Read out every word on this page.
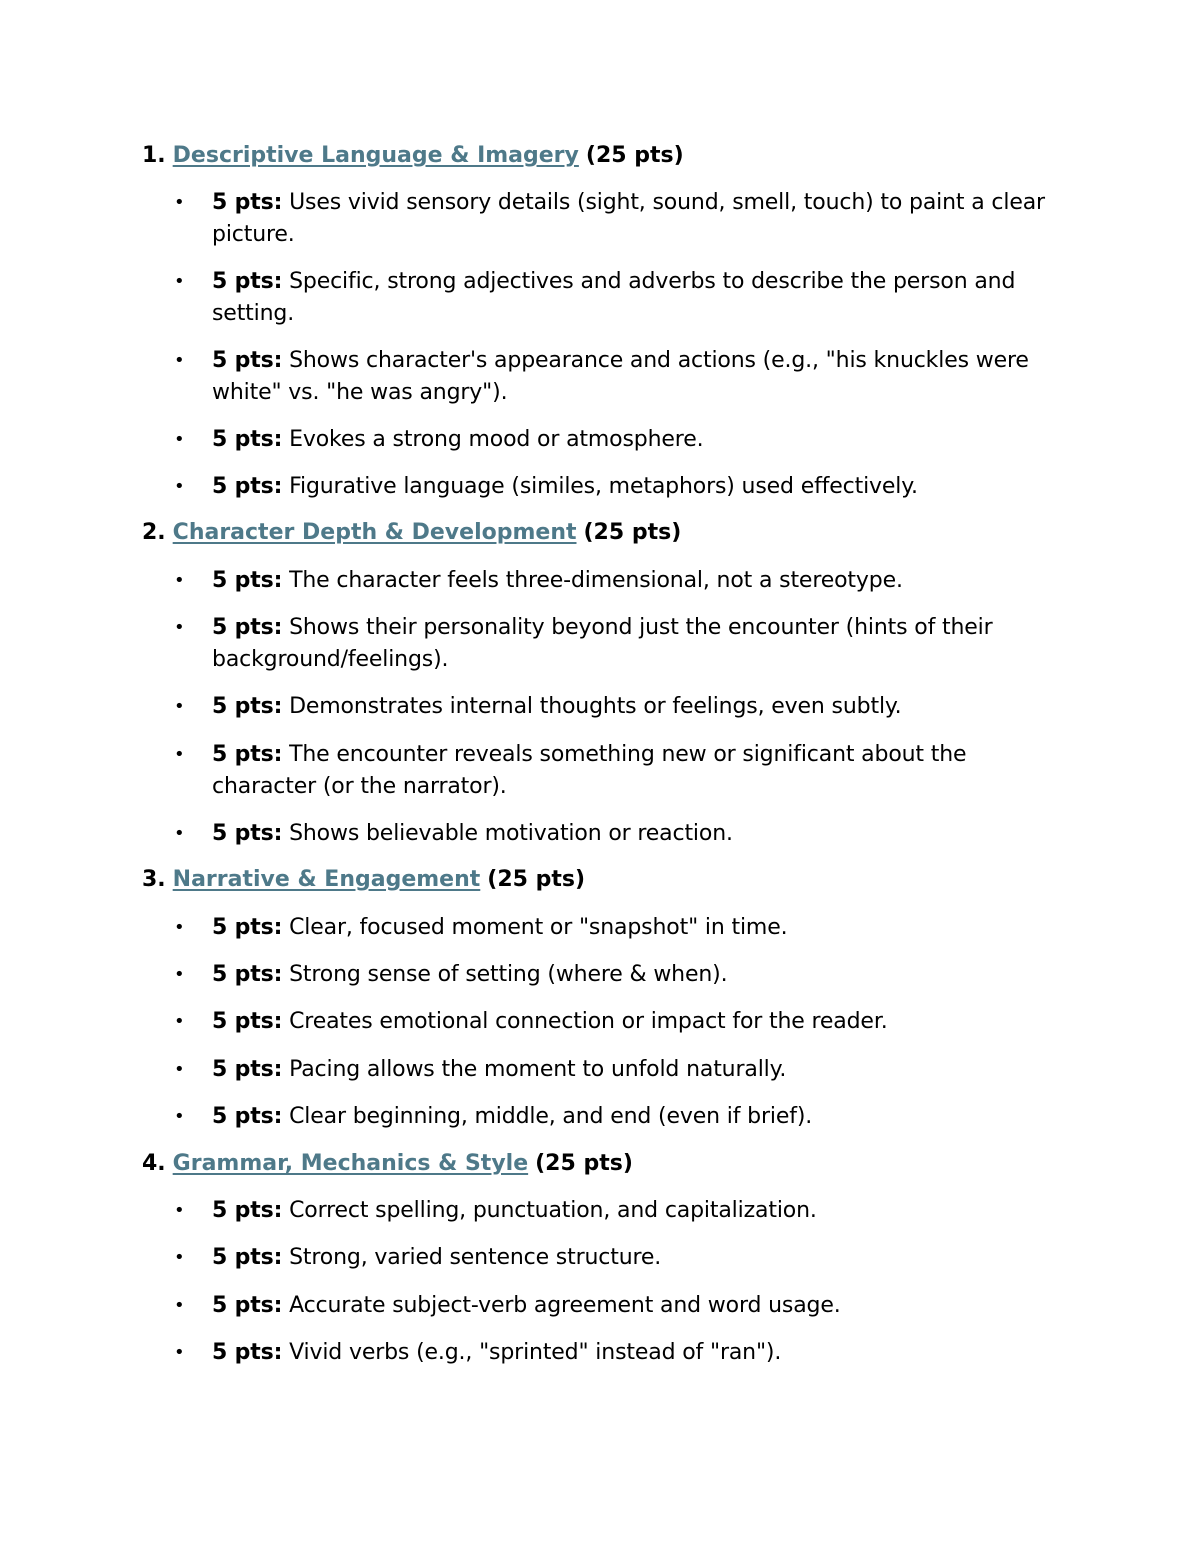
1. Descriptive Language & Imagery (25 pts)
• 5 pts: Uses vivid sensory details (sight, sound, smell, touch) to paint a clear picture.
• 5 pts: Specific, strong adjectives and adverbs to describe the person and setting.
• 5 pts: Shows character's appearance and actions (e.g., "his knuckles were white" vs. "he was angry").
• 5 pts: Evokes a strong mood or atmosphere.
• 5 pts: Figurative language (similes, metaphors) used effectively.
2. Character Depth & Development (25 pts)
• 5 pts: The character feels three-dimensional, not a stereotype.
• 5 pts: Shows their personality beyond just the encounter (hints of their background/feelings).
• 5 pts: Demonstrates internal thoughts or feelings, even subtly.
• 5 pts: The encounter reveals something new or significant about the character (or the narrator).
• 5 pts: Shows believable motivation or reaction.
3. Narrative & Engagement (25 pts)
• 5 pts: Clear, focused moment or "snapshot" in time.
• 5 pts: Strong sense of setting (where & when).
• 5 pts: Creates emotional connection or impact for the reader.
• 5 pts: Pacing allows the moment to unfold naturally.
• 5 pts: Clear beginning, middle, and end (even if brief).
4. Grammar, Mechanics & Style (25 pts)
• 5 pts: Correct spelling, punctuation, and capitalization.
• 5 pts: Strong, varied sentence structure.
• 5 pts: Accurate subject-verb agreement and word usage.
• 5 pts: Vivid verbs (e.g., "sprinted" instead of "ran").
